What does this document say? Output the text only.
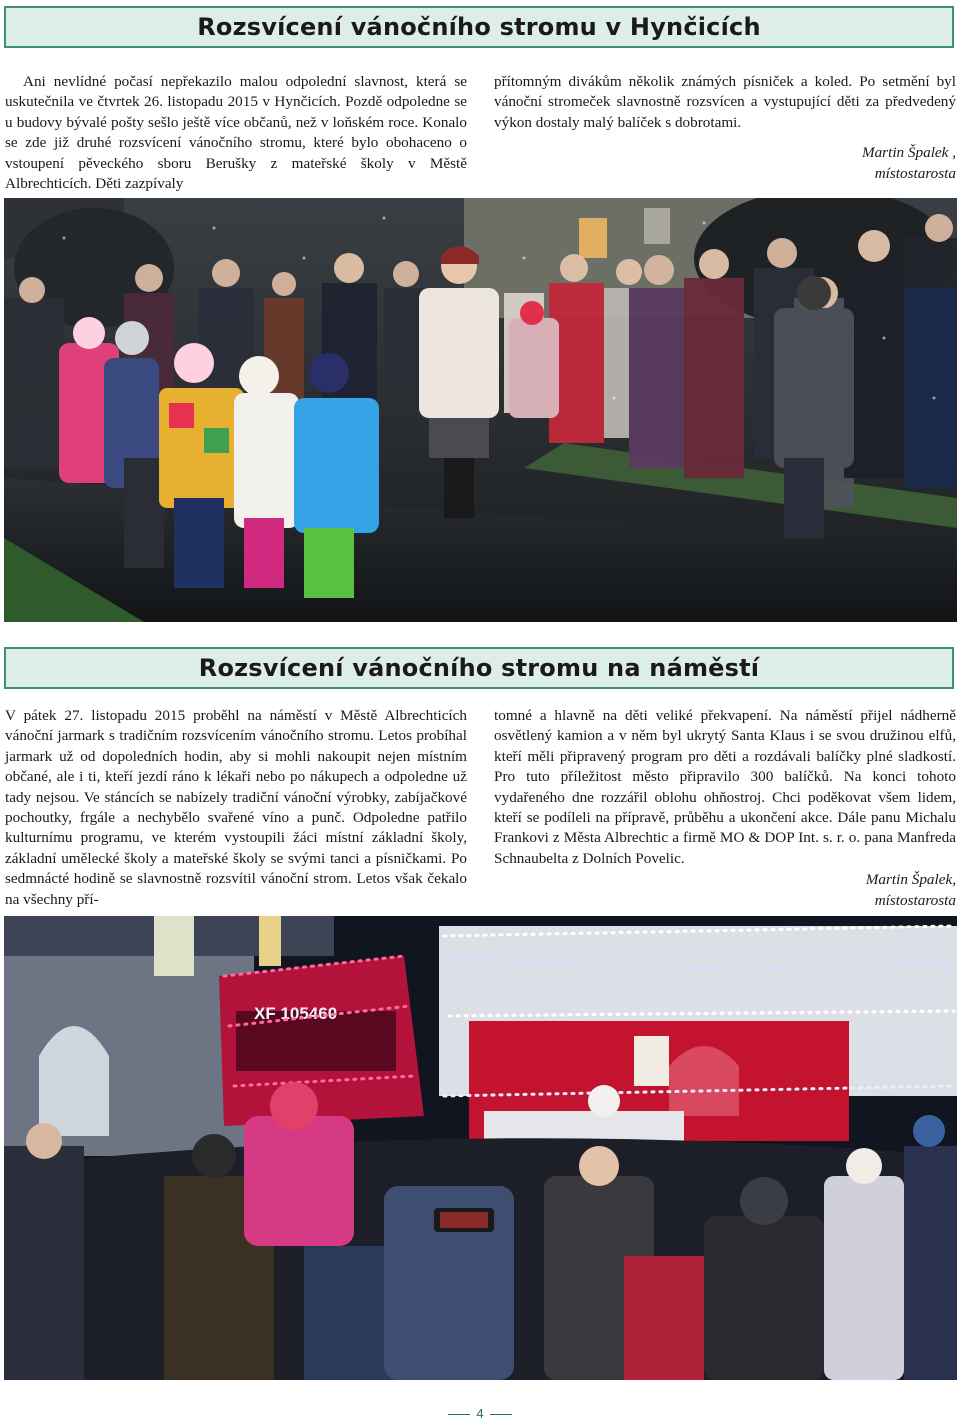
Rozsvícení vánočního stromu v Hynčicích

Ani nevlídné počasí nepřekazilo malou odpolední slavnost, která se uskutečnila ve čtvrtek 26. listopadu 2015 v Hynčicích. Pozdě odpoledne se u budovy bývalé pošty sešlo ještě více občanů, než v loňském roce. Konalo se zde již druhé rozsvícení vánočního stromu, které bylo obohaceno o vstoupení pěveckého sboru Berušky z mateřské školy v Městě Albrechticích. Děti zazpívaly

přítomným divákům několik známých písniček a koled. Po setmění byl vánoční stromeček slavnostně rozsvícen a vystupující děti za předvedený výkon dostaly malý balíček s dobrotami.

Martin Špalek ,
místostarosta
Rozsvícení vánočního stromu na náměstí

V pátek 27. listopadu 2015 proběhl na náměstí v Městě Albrechticích vánoční jarmark s tradičním rozsvícením vánočního stromu. Letos probíhal jarmark už od dopoledních hodin, aby si mohli nakoupit nejen místním občané, ale i ti, kteří jezdí ráno k lékaři nebo po nákupech a odpoledne už tady nejsou. Ve stáncích se nabízely tradiční vánoční výrobky, zabíjačkové pochoutky, frgále a nechybělo svařené víno a punč. Odpoledne patřilo kulturnímu programu, ve kterém vystoupili žáci místní základní školy, základní umělecké školy a mateřské školy se svými tanci a písničkami. Po sedmnácté hodině se slavnostně rozsvítil vánoční strom. Letos však čekalo na všechny pří-

tomné a hlavně na děti veliké překvapení. Na náměstí přijel nádherně osvětlený kamion a v něm byl ukrytý Santa Klaus i se svou družinou elfů, kteří měli připravený program pro děti a rozdávali balíčky plné sladkostí. Pro tuto příležitost město připravilo 300 balíčků. Na konci tohoto vydařeného dne rozzářil oblohu ohňostroj. Chci poděkovat všem lidem, kteří se podíleli na přípravě, průběhu a ukončení akce. Dále panu Michalu Frankovi z Města Albrechtic a firmě MO & DOP Int. s. r. o. pana Manfreda Schnaubelta z Dolních Povelic.

Martin Špalek,
místostarosta
XF 105460
4
